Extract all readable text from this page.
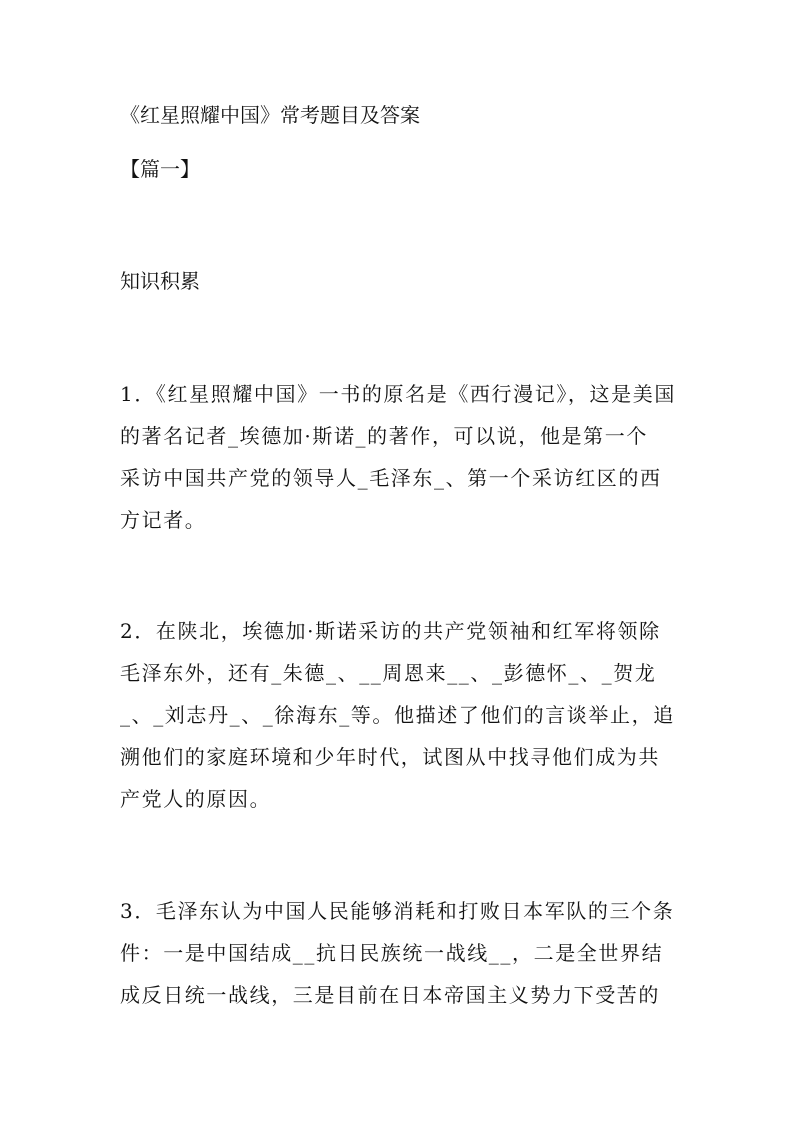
《红星照耀中国》常考题目及答案
【篇一】
知识积累
1．《红星照耀中国》一书的原名是《西行漫记》，这是美国
的著名记者_埃德加·斯诺_的著作，可以说，他是第一个
采访中国共产党的领导人_毛泽东_、第一个采访红区的西
方记者。
2．在陕北，埃德加·斯诺采访的共产党领袖和红军将领除
毛泽东外，还有_朱德_、__周恩来__、_彭德怀_、_贺龙
_、_刘志丹_、_徐海东_等。他描述了他们的言谈举止，追
溯他们的家庭环境和少年时代，试图从中找寻他们成为共
产党人的原因。
3．毛泽东认为中国人民能够消耗和打败日本军队的三个条
件：一是中国结成__抗日民族统一战线__，二是全世界结
成反日统一战线，三是目前在日本帝国主义势力下受苦的
